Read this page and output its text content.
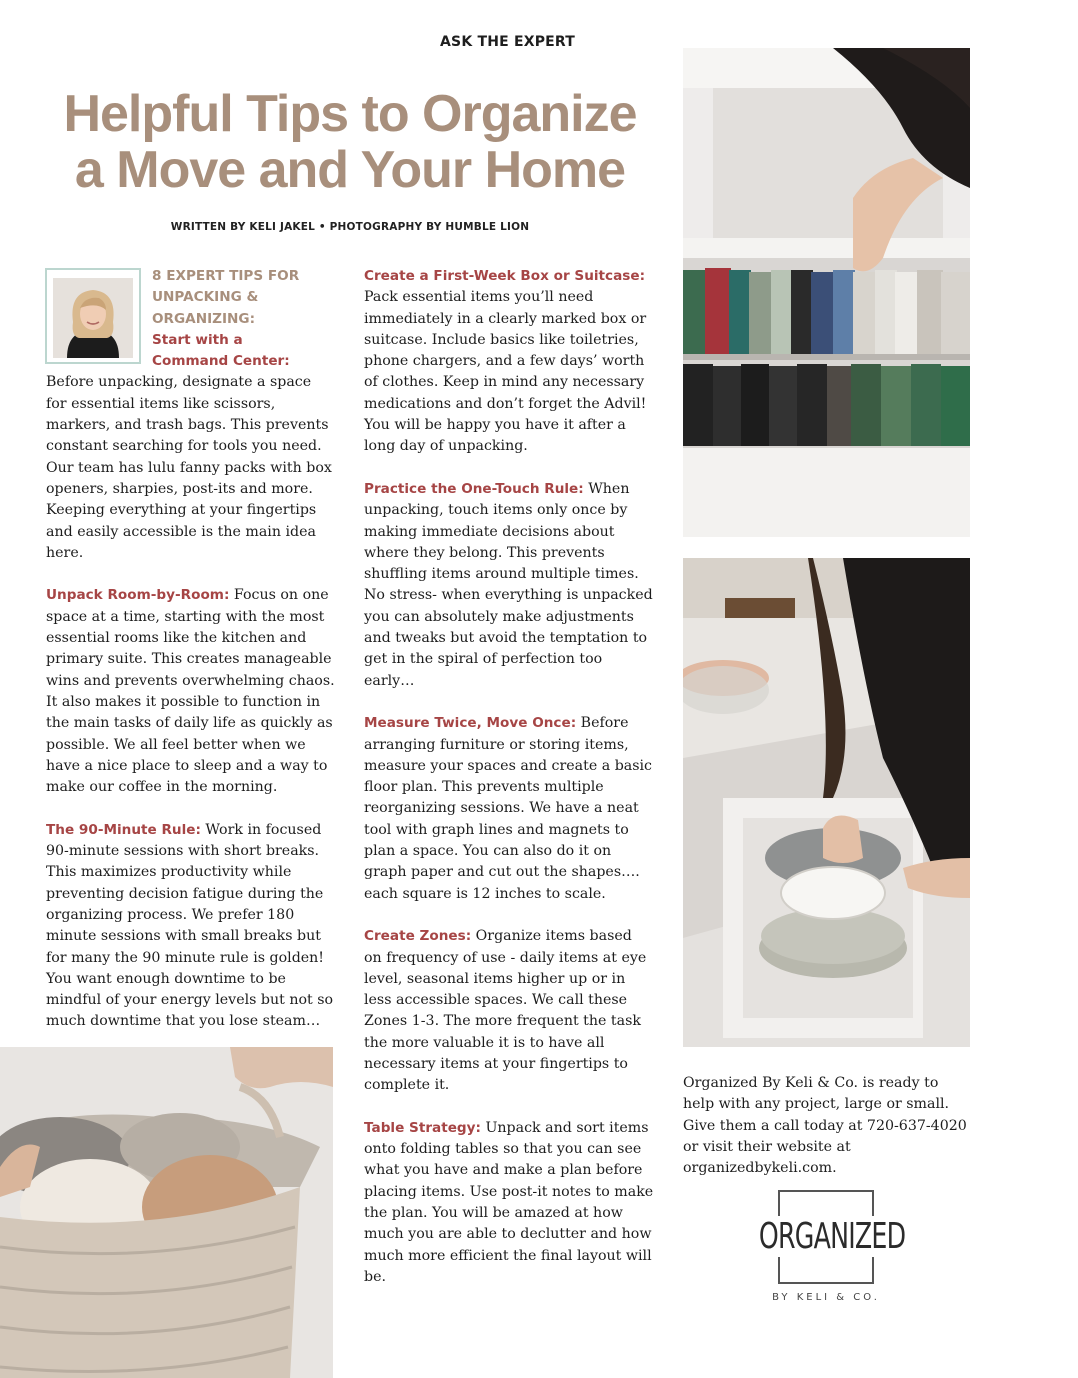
ASK THE EXPERT
Helpful Tips to Organize
a Move and Your Home
WRITTEN BY KELI JAKEL • PHOTOGRAPHY BY HUMBLE LION
8 EXPERT TIPS FOR
UNPACKING &
ORGANIZING:
Start with a
Command Center:

Before unpacking, designate a space for essential items like scissors, markers, and trash bags. This prevents constant searching for tools you need. Our team has lulu fanny packs with box openers, sharpies, post-its and more. Keeping everything at your fingertips and easily accessible is the main idea here.

Unpack Room-by-Room: Focus on one space at a time, starting with the most essential rooms like the kitchen and primary suite. This creates manageable wins and prevents overwhelming chaos. It also makes it possible to function in the main tasks of daily life as quickly as possible. We all feel better when we have a nice place to sleep and a way to make our coffee in the morning.

The 90-Minute Rule: Work in focused 90-minute sessions with short breaks. This maximizes productivity while preventing decision fatigue during the organizing process. We prefer 180 minute sessions with small breaks but for many the 90 minute rule is golden! You want enough downtime to be mindful of your energy levels but not so much downtime that you lose steam…

Create a First-Week Box or Suitcase:
Pack essential items you’ll need immediately in a clearly marked box or suitcase. Include basics like toiletries, phone chargers, and a few days’ worth of clothes. Keep in mind any necessary medications and don’t forget the Advil! You will be happy you have it after a long day of unpacking.

Practice the One-Touch Rule: When unpacking, touch items only once by making immediate decisions about where they belong. This prevents shuffling items around multiple times. No stress- when everything is unpacked you can absolutely make adjustments and tweaks but avoid the temptation to get in the spiral of perfection too early…

Measure Twice, Move Once: Before arranging furniture or storing items, measure your spaces and create a basic floor plan. This prevents multiple reorganizing sessions. We have a neat tool with graph lines and magnets to plan a space. You can also do it on graph paper and cut out the shapes…. each square is 12 inches to scale.

Create Zones: Organize items based on frequency of use - daily items at eye level, seasonal items higher up or in less accessible spaces. We call these Zones 1-3. The more frequent the task the more valuable it is to have all necessary items at your fingertips to complete it.

Table Strategy: Unpack and sort items onto folding tables so that you can see what you have and make a plan before placing items. Use post-it notes to make the plan. You will be amazed at how much you are able to declutter and how much more efficient the final layout will be.

Organized By Keli & Co. is ready to help with any project, large or small. Give them a call today at 720-637-4020 or visit their website at organizedbykeli.com.
ORGANIZED
BY KELI & CO.
